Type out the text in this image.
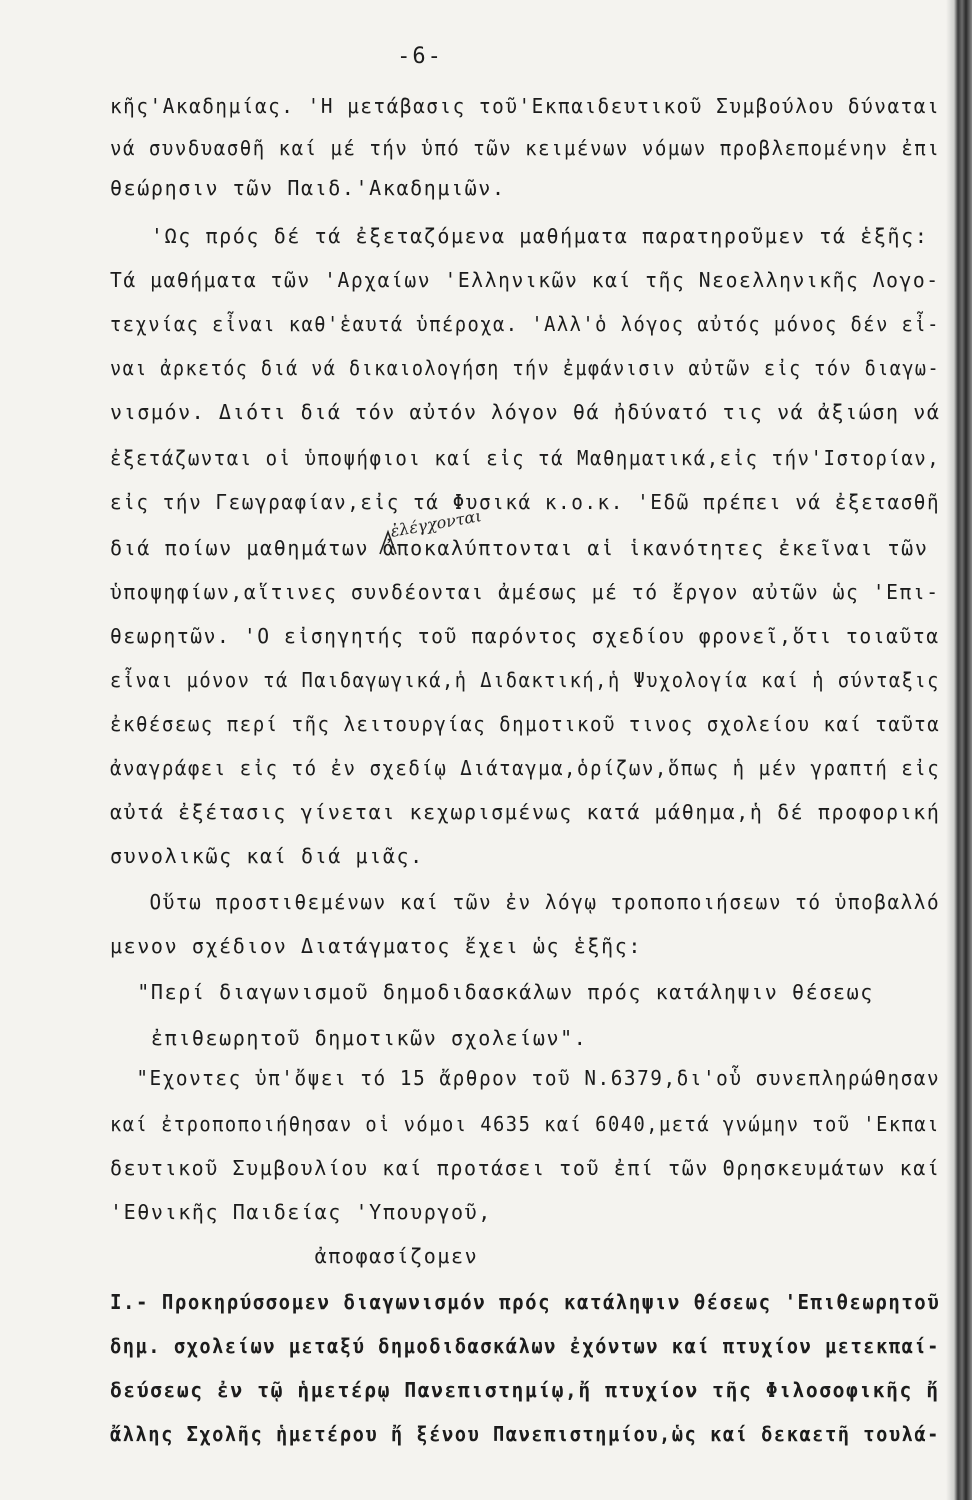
-6-
κῆς'Ακαδημίας. 'Η μετάβασις τοῦ'Εκπαιδευτικοῦ Συμβούλου δύναται
νά συνδυασθῆ καί μέ τήν ὑπό τῶν κειμένων νόμων προβλεπομένην ἐπι
θεώρησιν τῶν Παιδ.'Ακαδημιῶν.
'Ως πρός δέ τά ἐξεταζόμενα μαθήματα παρατηροῦμεν τά ἑξῆς:
Τά μαθήματα τῶν 'Αρχαίων 'Ελληνικῶν καί τῆς Νεοελληνικῆς Λογο-
τεχνίας εἶναι καθ'ἑαυτά ὑπέροχα. 'Αλλ'ὁ λόγος αὐτός μόνος δέν εἶ-
ναι ἀρκετός διά νά δικαιολογήση τήν ἐμφάνισιν αὐτῶν εἰς τόν διαγω-
νισμόν. Διότι διά τόν αὐτόν λόγον θά ἠδύνατό τις νά ἀξιώση νά
ἐξετάζωνται οἱ ὑποψήφιοι καί εἰς τά Μαθηματικά,εἰς τήν'Ιστορίαν,
εἰς τήν Γεωγραφίαν,εἰς τά Φυσικά κ.ο.κ. 'Εδῶ πρέπει νά ἐξετασθῆ
διά ποίων μαθημάτων ἀποκαλύπτονται αἱ ἱκανότητες ἐκεῖναι τῶν
ὑποψηφίων,αἵτινες συνδέονται ἀμέσως μέ τό ἔργον αὐτῶν ὡς 'Επι-
θεωρητῶν. 'Ο εἰσηγητής τοῦ παρόντος σχεδίου φρονεῖ,ὅτι τοιαῦτα
εἶναι μόνον τά Παιδαγωγικά,ἡ Διδακτική,ἡ Ψυχολογία καί ἡ σύνταξις
ἐκθέσεως περί τῆς λειτουργίας δημοτικοῦ τινος σχολείου καί ταῦτα
ἀναγράφει εἰς τό ἐν σχεδίῳ Διάταγμα,ὁρίζων,ὅπως ἡ μέν γραπτή εἰς
αὐτά ἐξέτασις γίνεται κεχωρισμένως κατά μάθημα,ἡ δέ προφορική
συνολικῶς καί διά μιᾶς.
Οὕτω προστιθεμένων καί τῶν ἐν λόγῳ τροποποιήσεων τό ὑποβαλλό
μενον σχέδιον Διατάγματος ἔχει ὡς ἑξῆς:
"Περί διαγωνισμοῦ δημοδιδασκάλων πρός κατάληψιν θέσεως
ἐπιθεωρητοῦ δημοτικῶν σχολείων".
"Εχοντες ὑπ'ὄψει τό 15 ἄρθρον τοῦ Ν.6379,δι'οὗ συνεπληρώθησαν
καί ἐτροποποιήθησαν οἱ νόμοι 4635 καί 6040,μετά γνώμην τοῦ 'Εκπαι
δευτικοῦ Συμβουλίου καί προτάσει τοῦ ἐπί τῶν Θρησκευμάτων καί
'Εθνικῆς Παιδείας 'Υπουργοῦ,
ἀποφασίζομεν
Ι.- Προκηρύσσομεν διαγωνισμόν πρός κατάληψιν θέσεως 'Επιθεωρητοῦ
δημ. σχολείων μεταξύ δημοδιδασκάλων ἐχόντων καί πτυχίον μετεκπαί-
δεύσεως ἐν τῷ ἡμετέρῳ Πανεπιστημίῳ,ἤ πτυχίον τῆς Φιλοσοφικῆς ἤ
ἄλλης Σχολῆς ἡμετέρου ἤ ξένου Πανεπιστημίου,ὡς καί δεκαετῆ τουλά-
ἐλέγχονται
